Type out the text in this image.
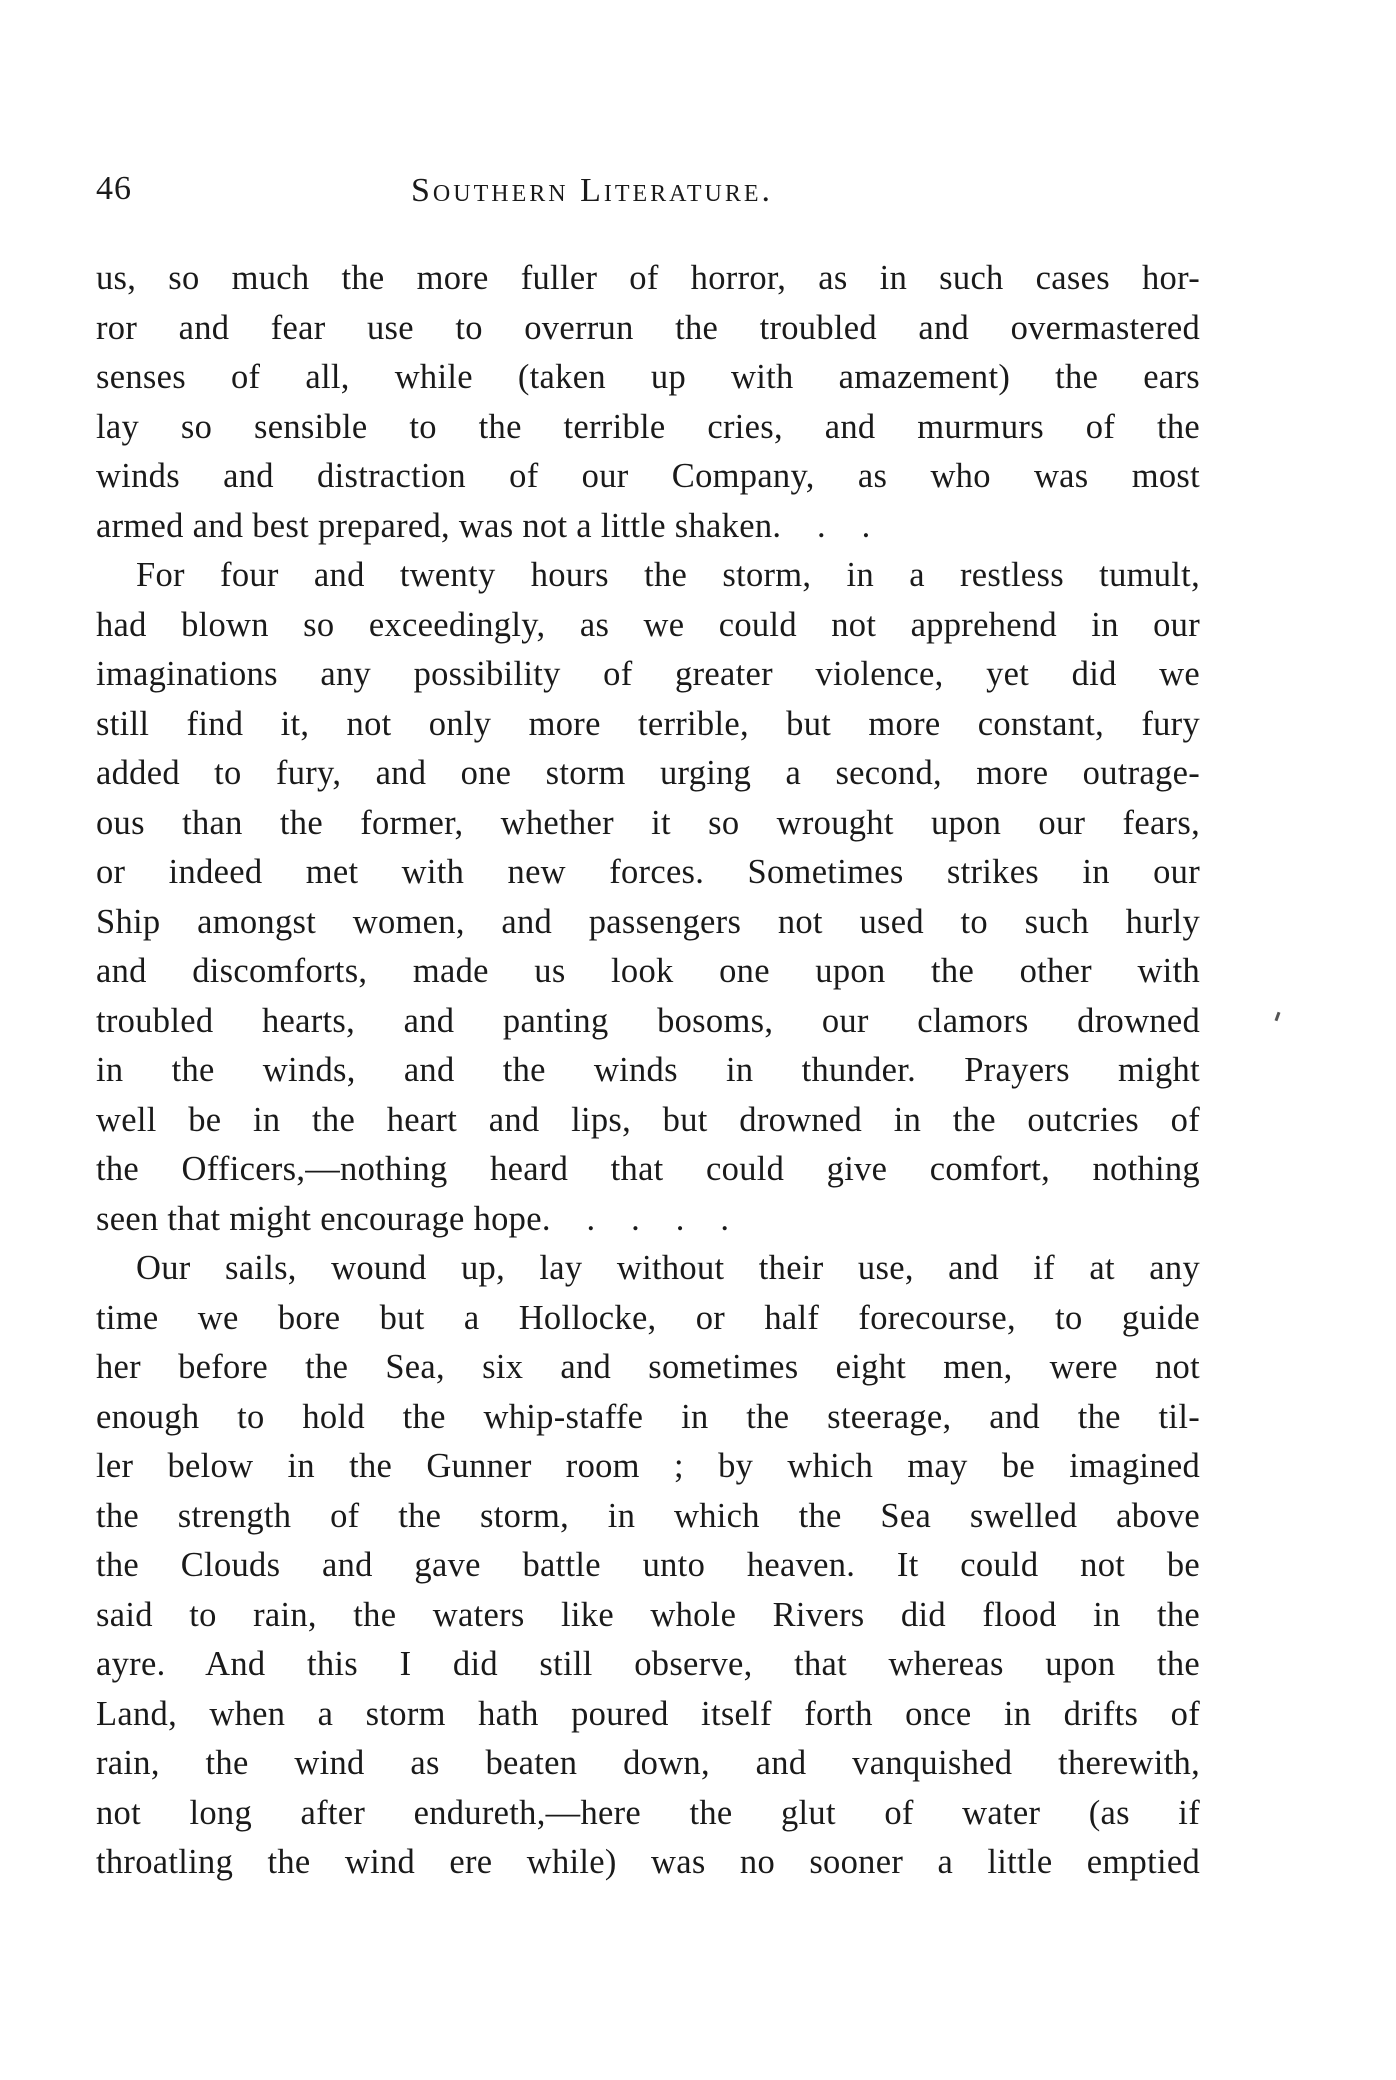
46	Southern Literature.
us, so much the more fuller of horror, as in such cases hor-
ror and fear use to overrun the troubled and overmastered
senses of all, while (taken up with amazement) the ears
lay so sensible to the terrible cries, and murmurs of the
winds and distraction of our Company, as who was most
armed and best prepared, was not a little shaken.    .    .
For four and twenty hours the storm, in a restless tumult,
had blown so exceedingly, as we could not apprehend in our
imaginations any possibility of greater violence, yet did we
still find it, not only more terrible, but more constant, fury
added to fury, and one storm urging a second, more outrage-
ous than the former, whether it so wrought upon our fears,
or indeed met with new forces. Sometimes strikes in our
Ship amongst women, and passengers not used to such hurly
and discomforts, made us look one upon the other with
troubled hearts, and panting bosoms, our clamors drowned
in the winds, and the winds in thunder. Prayers might
well be in the heart and lips, but drowned in the outcries of
the Officers,—nothing heard that could give comfort, nothing
seen that might encourage hope.    .    .    .    .
Our sails, wound up, lay without their use, and if at any
time we bore but a Hollocke, or half forecourse, to guide
her before the Sea, six and sometimes eight men, were not
enough to hold the whip-staffe in the steerage, and the til-
ler below in the Gunner room ; by which may be imagined
the strength of the storm, in which the Sea swelled above
the Clouds and gave battle unto heaven. It could not be
said to rain, the waters like whole Rivers did flood in the
ayre. And this I did still observe, that whereas upon the
Land, when a storm hath poured itself forth once in drifts of
rain, the wind as beaten down, and vanquished therewith,
not long after endureth,—here the glut of water (as if
throatling the wind ere while) was no sooner a little emptied
